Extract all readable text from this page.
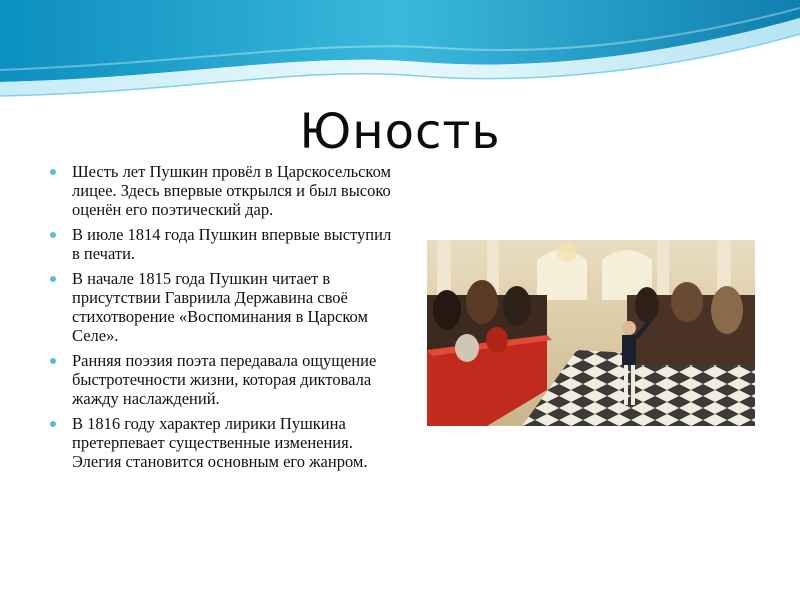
Юность
Шесть лет Пушкин провёл в Царскосельском лицее. Здесь впервые открылся и был высоко оценён его поэтический дар.
В июле 1814 года Пушкин впервые выступил в печати.
В начале 1815 года Пушкин читает в присутствии Гавриила Державина своё стихотворение «Воспоминания в Царском Селе».
Ранняя поэзия поэта передавала ощущение быстротечности жизни, которая диктовала жажду наслаждений.
В 1816 году характер лирики Пушкина претерпевает существенные изменения. Элегия становится основным его жанром.
